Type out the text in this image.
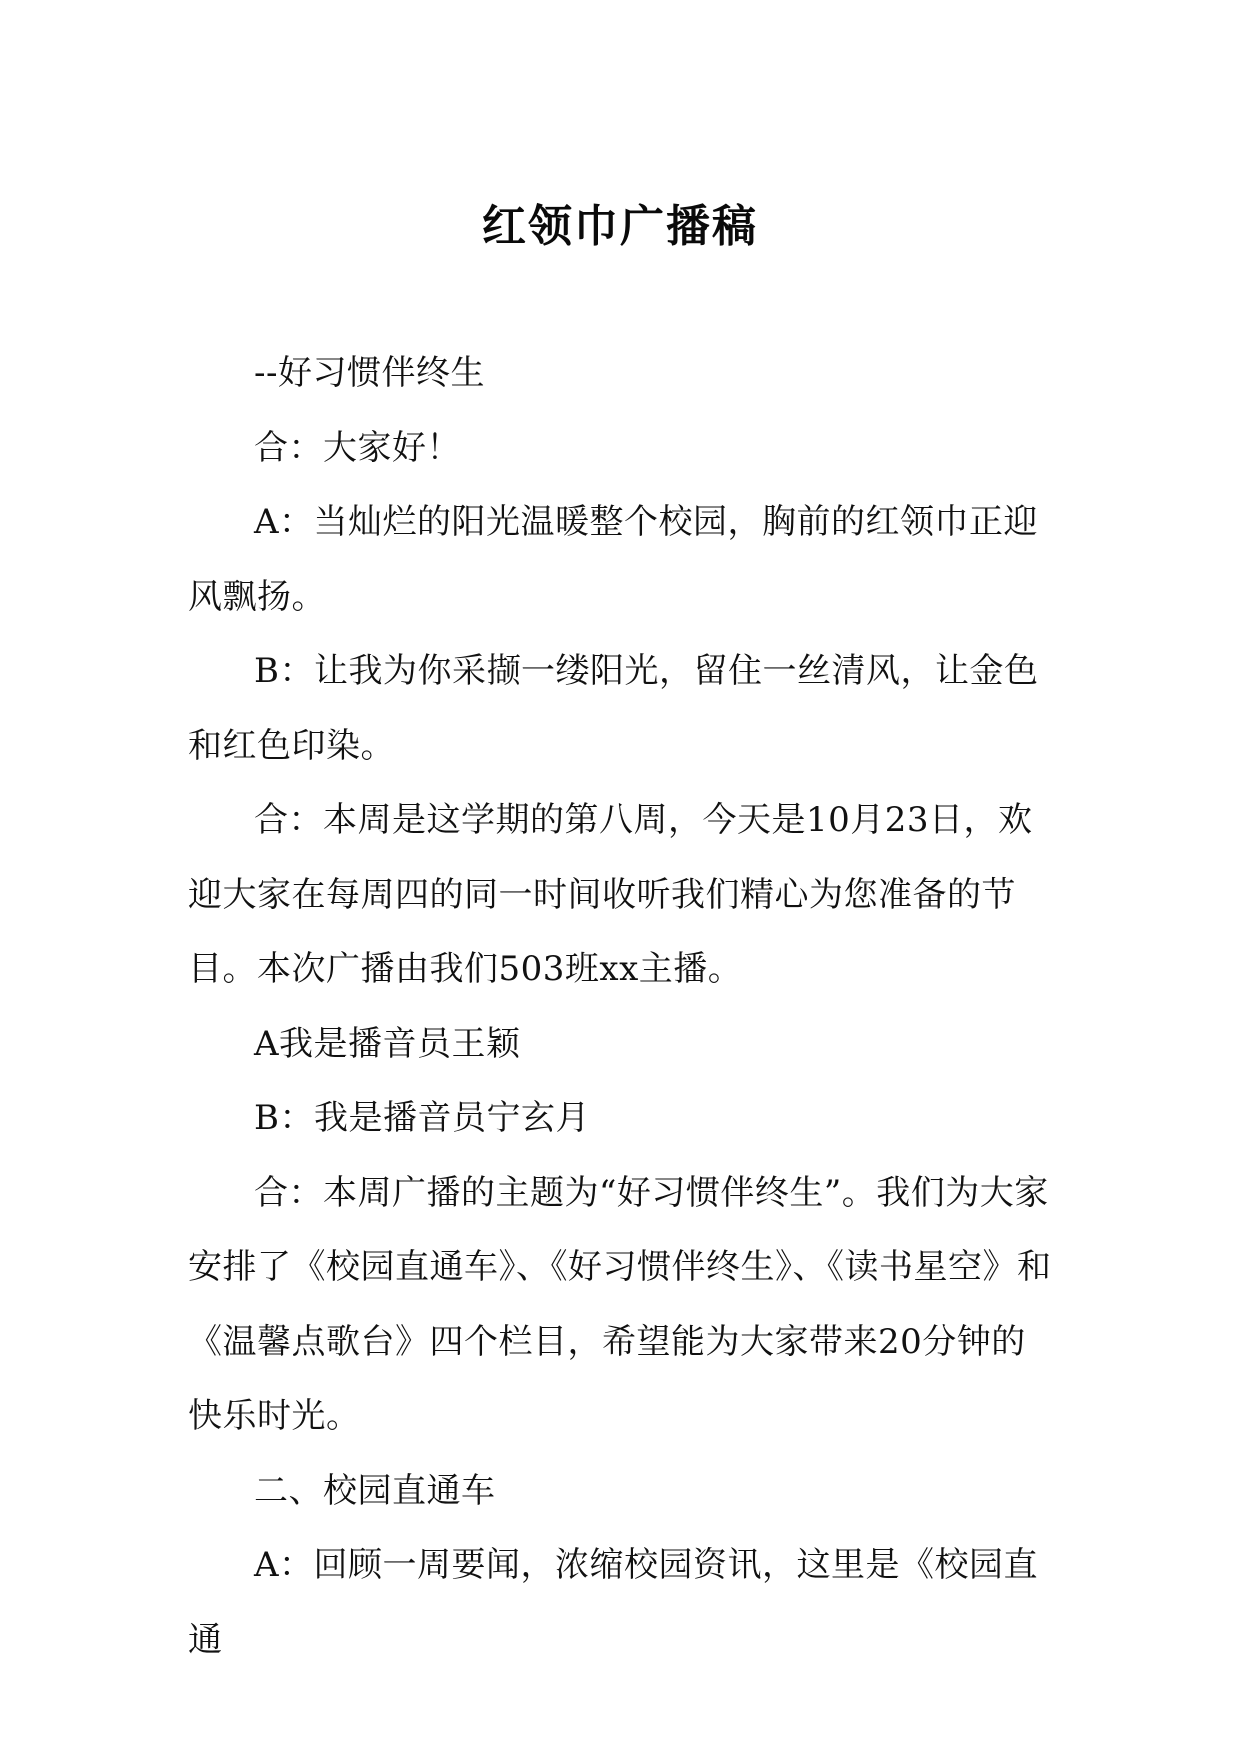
红领巾广播稿

--好习惯伴终生

合：大家好！

A：当灿烂的阳光温暖整个校园，胸前的红领巾正迎风飘扬。

B：让我为你采撷一缕阳光，留住一丝清风，让金色和红色印染。

合：本周是这学期的第八周，今天是10月23日，欢迎大家在每周四的同一时间收听我们精心为您准备的节目。本次广播由我们503班xx主播。

A我是播音员王颖

B：我是播音员宁玄月

合：本周广播的主题为“好习惯伴终生”。我们为大家安排了《校园直通车》、《好习惯伴终生》、《读书星空》和《温馨点歌台》四个栏目，希望能为大家带来20分钟的快乐时光。

二、校园直通车

A：回顾一周要闻，浓缩校园资讯，这里是《校园直通
